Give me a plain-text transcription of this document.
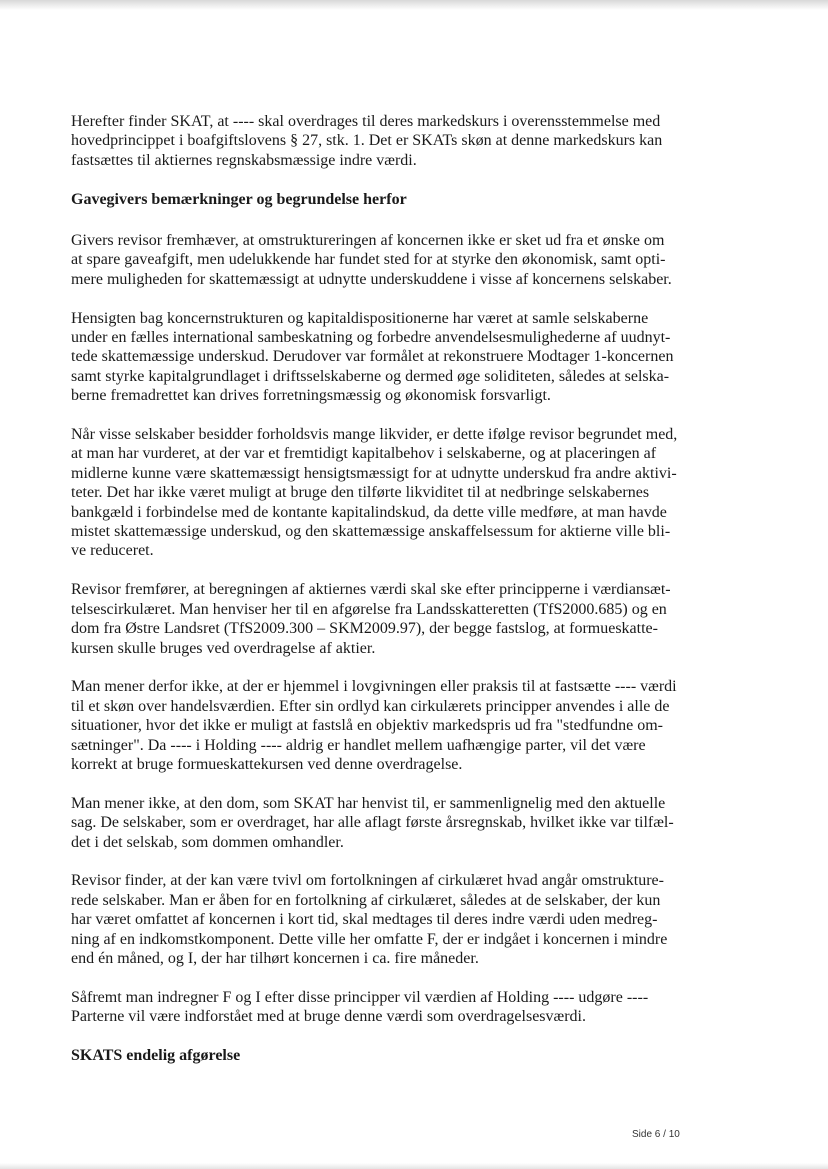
Herefter finder SKAT, at ---- skal overdrages til deres markedskurs i overensstemmelse med
hovedprincippet i boafgiftslovens § 27, stk. 1. Det er SKATs skøn at denne markedskurs kan
fastsættes til aktiernes regnskabsmæssige indre værdi.

Gavegivers bemærkninger og begrundelse herfor

Givers revisor fremhæver, at omstruktureringen af koncernen ikke er sket ud fra et ønske om
at spare gaveafgift, men udelukkende har fundet sted for at styrke den økonomisk, samt opti-
mere muligheden for skattemæssigt at udnytte underskuddene i visse af koncernens selskaber.

Hensigten bag koncernstrukturen og kapitaldispositionerne har været at samle selskaberne
under en fælles international sambeskatning og forbedre anvendelsesmulighederne af uudnyt-
tede skattemæssige underskud. Derudover var formålet at rekonstruere Modtager 1-koncernen
samt styrke kapitalgrundlaget i driftsselskaberne og dermed øge soliditeten, således at selska-
berne fremadrettet kan drives forretningsmæssig og økonomisk forsvarligt.

Når visse selskaber besidder forholdsvis mange likvider, er dette ifølge revisor begrundet med,
at man har vurderet, at der var et fremtidigt kapitalbehov i selskaberne, og at placeringen af
midlerne kunne være skattemæssigt hensigtsmæssigt for at udnytte underskud fra andre aktivi-
teter. Det har ikke været muligt at bruge den tilførte likviditet til at nedbringe selskabernes
bankgæld i forbindelse med de kontante kapitalindskud, da dette ville medføre, at man havde
mistet skattemæssige underskud, og den skattemæssige anskaffelsessum for aktierne ville bli-
ve reduceret.

Revisor fremfører, at beregningen af aktiernes værdi skal ske efter principperne i værdiansæt-
telsescirkulæret. Man henviser her til en afgørelse fra Landsskatteretten (TfS2000.685) og en
dom fra Østre Landsret (TfS2009.300 – SKM2009.97), der begge fastslog, at formueskatte-
kursen skulle bruges ved overdragelse af aktier.

Man mener derfor ikke, at der er hjemmel i lovgivningen eller praksis til at fastsætte ---- værdi
til et skøn over handelsværdien. Efter sin ordlyd kan cirkulærets principper anvendes i alle de
situationer, hvor det ikke er muligt at fastslå en objektiv markedspris ud fra "stedfundne om-
sætninger". Da ---- i Holding ---- aldrig er handlet mellem uafhængige parter, vil det være
korrekt at bruge formueskattekursen ved denne overdragelse.

Man mener ikke, at den dom, som SKAT har henvist til, er sammenlignelig med den aktuelle
sag. De selskaber, som er overdraget, har alle aflagt første årsregnskab, hvilket ikke var tilfæl-
det i det selskab, som dommen omhandler.

Revisor finder, at der kan være tvivl om fortolkningen af cirkulæret hvad angår omstrukture-
rede selskaber. Man er åben for en fortolkning af cirkulæret, således at de selskaber, der kun
har været omfattet af koncernen i kort tid, skal medtages til deres indre værdi uden medreg-
ning af en indkomstkomponent. Dette ville her omfatte F, der er indgået i koncernen i mindre
end én måned, og I, der har tilhørt koncernen i ca. fire måneder.

Såfremt man indregner F og I efter disse principper vil værdien af Holding ---- udgøre ----
Parterne vil være indforstået med at bruge denne værdi som overdragelsesværdi.

SKATS endelig afgørelse

Side 6 / 10
